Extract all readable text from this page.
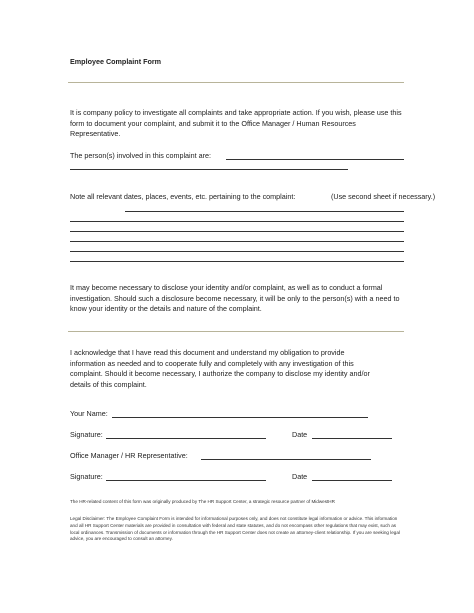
Employee Complaint Form
It is company policy to investigate all complaints and take appropriate action. If you wish, please use this form to document your complaint, and submit it to the Office Manager / Human Resources Representative.
The person(s) involved in this complaint are:
Note all relevant dates, places, events, etc. pertaining to the complaint:	(Use second sheet if necessary.)
It may become necessary to disclose your identity and/or complaint, as well as to conduct a formal investigation. Should such a disclosure become necessary, it will be only to the person(s) with a need to know your identity or the details and nature of the complaint.
I acknowledge that I have read this document and understand my obligation to provide information as needed and to cooperate fully and completely with any investigation of this complaint. Should it become necessary, I authorize the company to disclose my identity and/or details of this complaint.
Your Name:
Signature:	Date
Office Manager / HR Representative:
Signature:	Date
The HR-related content of this form was originally produced by The HR Support Center, a strategic resource partner of MidwestHR
Legal Disclaimer: The Employee Complaint Form is intended for informational purposes only, and does not constitute legal information or advice. This information and all HR Support Center materials are provided in consultation with federal and state statutes, and do not encompass other regulations that may exist, such as local ordinances. Transmission of documents or information through the HR Support Center does not create an attorney-client relationship. If you are seeking legal advice, you are encouraged to consult an attorney.
